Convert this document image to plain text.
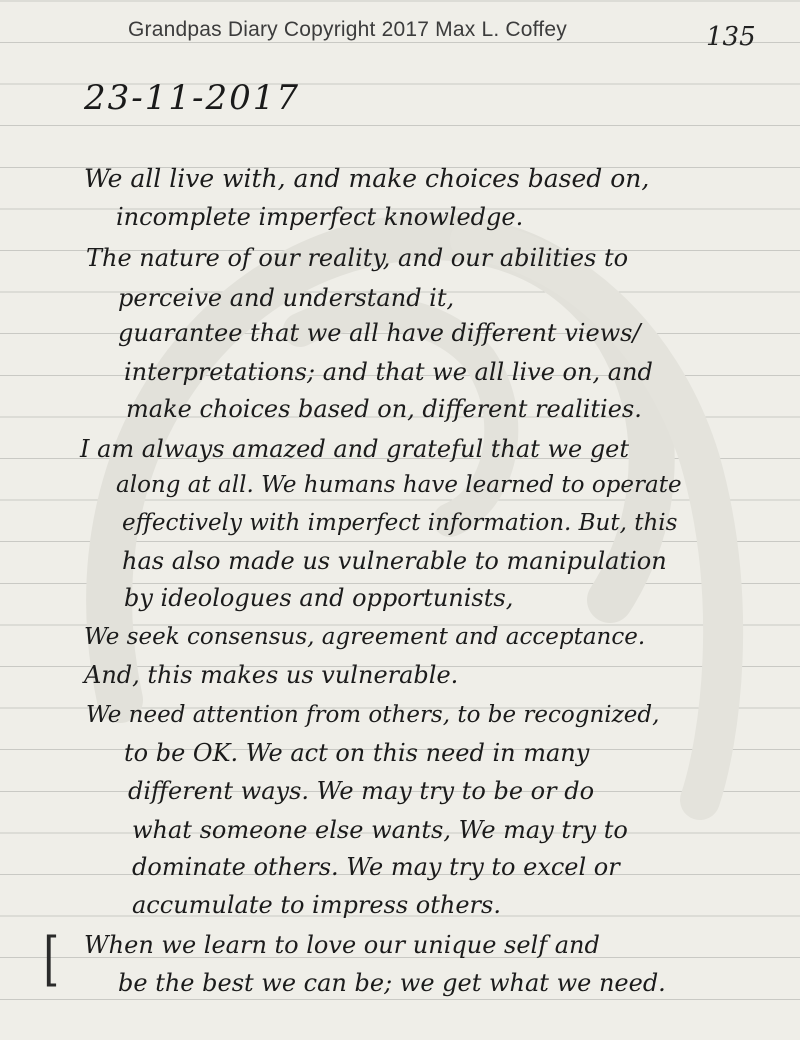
Grandpas Diary Copyright 2017 Max L. Coffey	135
23-11-2017
We all live with, and make choices based on,
incomplete imperfect knowledge.
The nature of our reality, and our abilities to
perceive and understand it,
guarantee that we all have different views/
interpretations; and that we all live on, and
make choices based on, different realities.
I am always amazed and grateful that we get
along at all. We humans have learned to operate
effectively with imperfect information. But, this
has also made us vulnerable to manipulation
by ideologues and opportunists,
We seek consensus, agreement and acceptance.
And, this makes us vulnerable.
We need attention from others, to be recognized,
to be OK. We act on this need in many
different ways. We may try to be or do
what someone else wants, We may try to
dominate others. We may try to excel or
accumulate to impress others.
When we learn to love our unique self and
be the best we can be; we get what we need.
[
